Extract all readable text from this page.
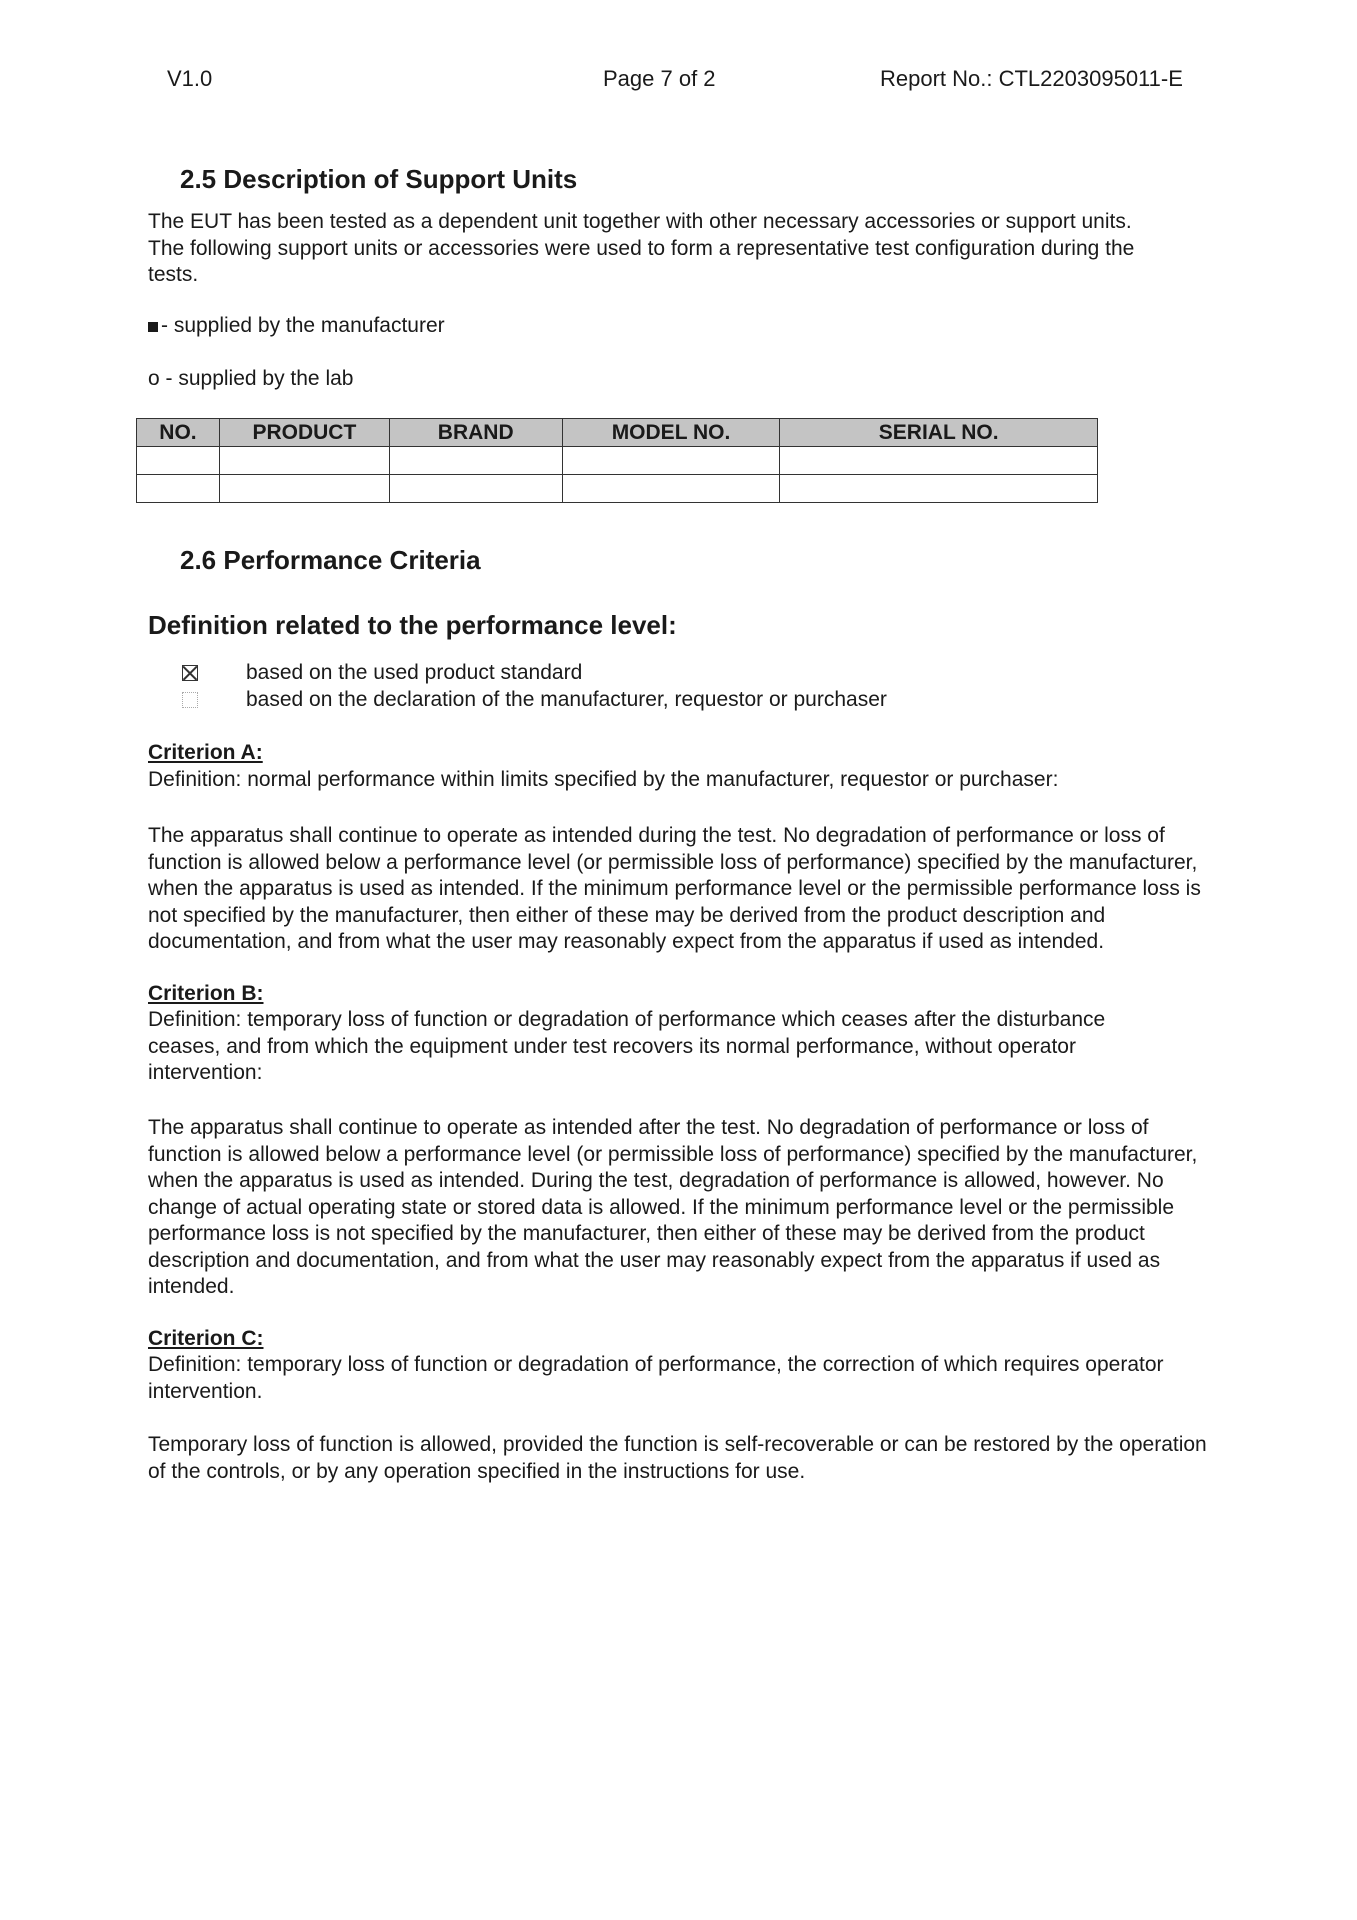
V1.0	Page 7 of 2	Report No.: CTL2203095011-E
2.5 Description of Support Units

The EUT has been tested as a dependent unit together with other necessary accessories or support units.

The following support units or accessories were used to form a representative test configuration during the

tests.

- supplied by the manufacturer
o - supplied by the lab
NO.	PRODUCT	BRAND	MODEL NO.	SERIAL NO.

2.6 Performance Criteria
Definition related to the performance level:
based on the used product standard
based on the declaration of the manufacturer, requestor or purchaser
Criterion A:

Definition: normal performance within limits specified by the manufacturer, requestor or purchaser:

The apparatus shall continue to operate as intended during the test. No degradation of performance or loss of

function is allowed below a performance level (or permissible loss of performance) specified by the manufacturer,

when the apparatus is used as intended. If the minimum performance level or the permissible performance loss is

not specified by the manufacturer, then either of these may be derived from the product description and

documentation, and from what the user may reasonably expect from the apparatus if used as intended.

Criterion B:

Definition: temporary loss of function or degradation of performance which ceases after the disturbance

ceases, and from which the equipment under test recovers its normal performance, without operator

intervention:

The apparatus shall continue to operate as intended after the test. No degradation of performance or loss of

function is allowed below a performance level (or permissible loss of performance) specified by the manufacturer,

when the apparatus is used as intended. During the test, degradation of performance is allowed, however. No

change of actual operating state or stored data is allowed. If the minimum performance level or the permissible

performance loss is not specified by the manufacturer, then either of these may be derived from the product

description and documentation, and from what the user may reasonably expect from the apparatus if used as

intended.

Criterion C:

Definition: temporary loss of function or degradation of performance, the correction of which requires operator

intervention.

Temporary loss of function is allowed, provided the function is self-recoverable or can be restored by the operation

of the controls, or by any operation specified in the instructions for use.
